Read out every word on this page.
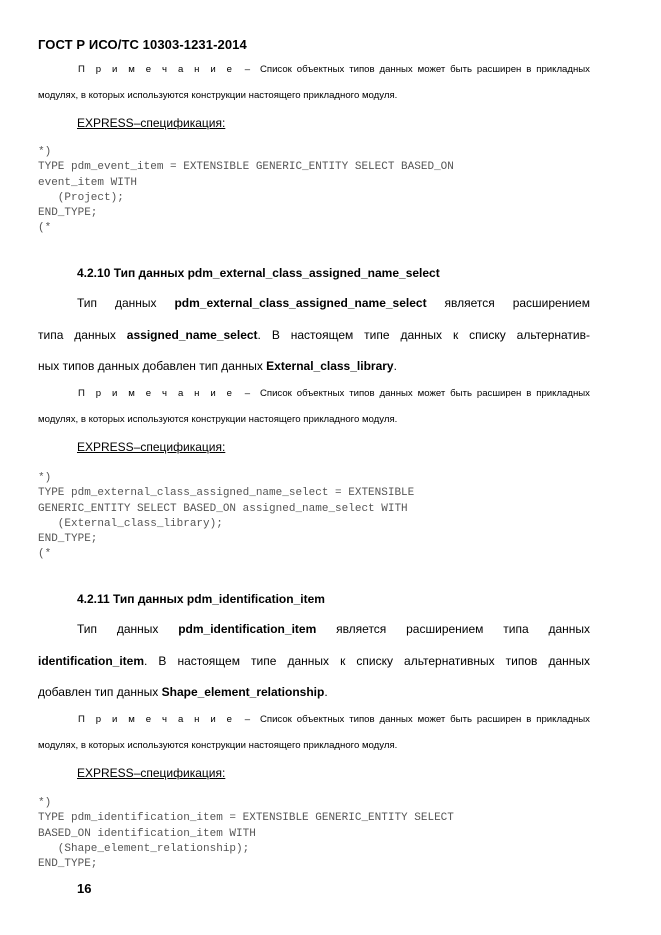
ГОСТ Р ИСО/ТС 10303-1231-2014
П р и м е ч а н и е – Список объектных типов данных может быть расширен в прикладных
модулях, в которых используются конструкции настоящего прикладного модуля.
EXPRESS–спецификация:
*)
TYPE pdm_event_item = EXTENSIBLE GENERIC_ENTITY SELECT BASED_ON
event_item WITH
(Project);
END_TYPE;
(*
4.2.10 Тип данных pdm_external_class_assigned_name_select
Тип данных pdm_external_class_assigned_name_select является расширением
типа данных assigned_name_select. В настоящем типе данных к списку альтернатив-
ных типов данных добавлен тип данных External_class_library.
П р и м е ч а н и е – Список объектных типов данных может быть расширен в прикладных
модулях, в которых используются конструкции настоящего прикладного модуля.
EXPRESS–спецификация:
*)
TYPE pdm_external_class_assigned_name_select = EXTENSIBLE
GENERIC_ENTITY SELECT BASED_ON assigned_name_select WITH
(External_class_library);
END_TYPE;
(*
4.2.11 Тип данных pdm_identification_item
Тип данных pdm_identification_item является расширением типа данных
identification_item. В настоящем типе данных к списку альтернативных типов данных
добавлен тип данных Shape_element_relationship.
П р и м е ч а н и е – Список объектных типов данных может быть расширен в прикладных
модулях, в которых используются конструкции настоящего прикладного модуля.
EXPRESS–спецификация:
*)
TYPE pdm_identification_item = EXTENSIBLE GENERIC_ENTITY SELECT
BASED_ON identification_item WITH
(Shape_element_relationship);
END_TYPE;
16
